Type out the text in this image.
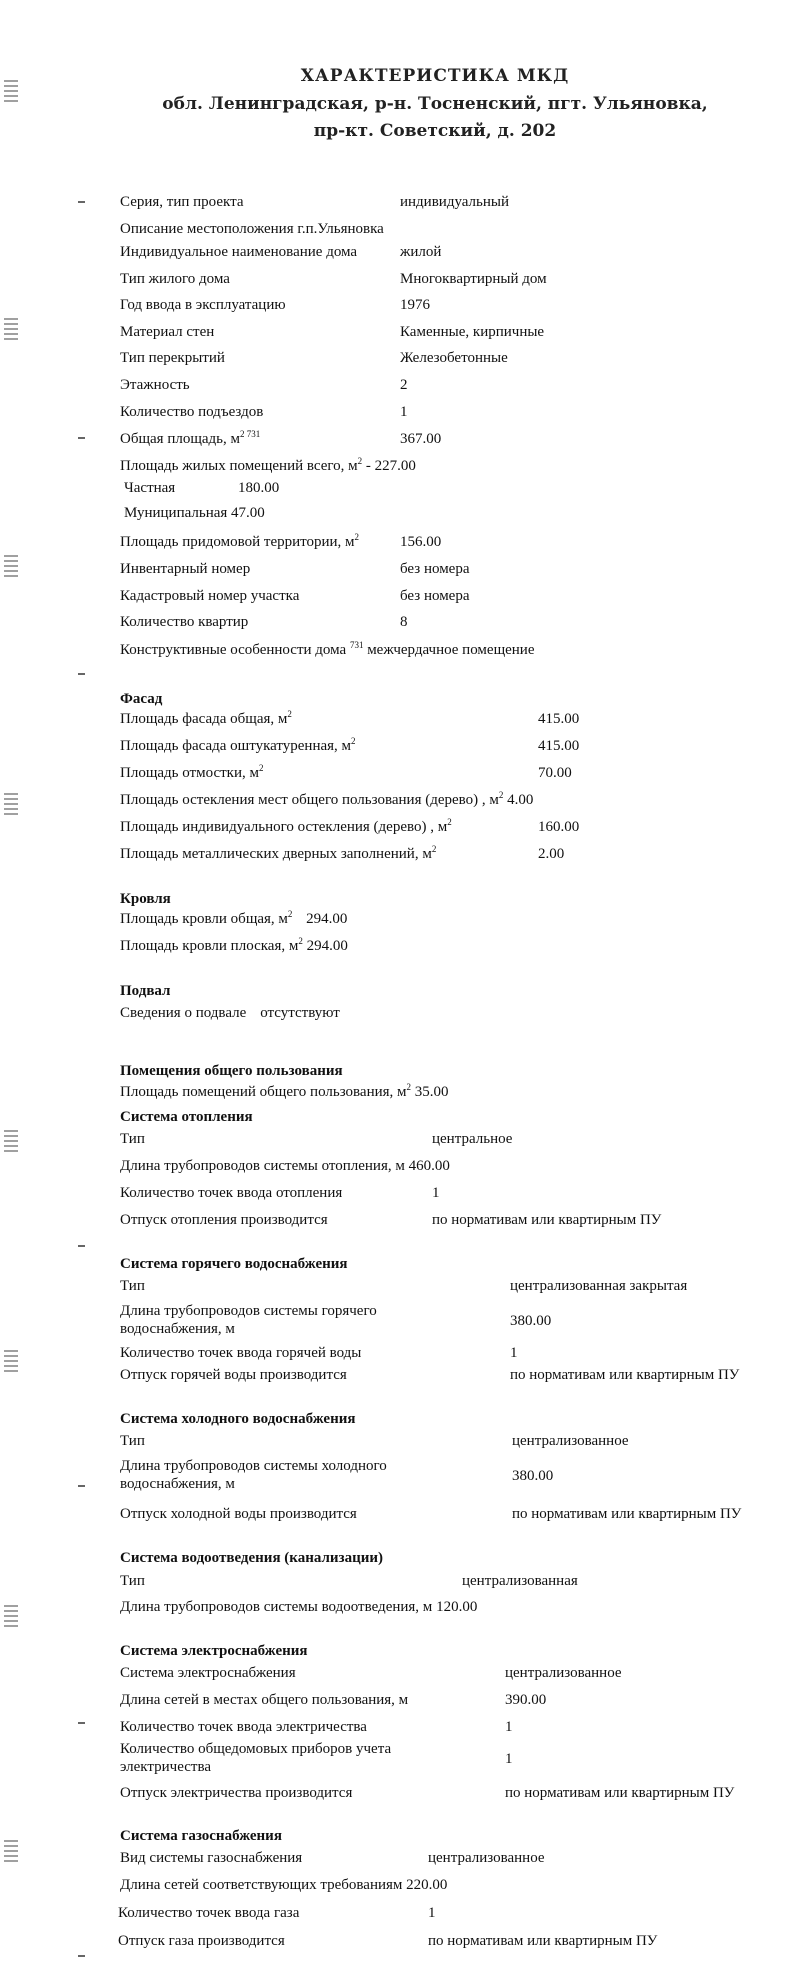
ХАРАКТЕРИСТИКА МКД
обл. Ленинградская, р-н. Тосненский, пгт. Ульяновка,
пр-кт. Советский, д. 202
Серия, тип проекта	индивидуальный
Описание местоположения г.п.Ульяновка
Индивидуальное наименование дома	жилой
Тип жилого дома	Многоквартирный дом
Год ввода в эксплуатацию	1976
Материал стен	Каменные, кирпичные
Тип перекрытий	Железобетонные
Этажность	2
Количество подъездов	1
Общая площадь, $м^{2 731}$	367.00
Площадь жилых помещений всего, $м^2 - 227.00$
Частная	180.00
Муниципальная 47.00
Площадь придомовой территории, $м^2$	156.00
Инвентарный номер	без номера
Кадастровый номер участка	без номера
Количество квартир	8
Конструктивные особенности дома $^{731}$ межчердачное помещение
Фасад
Площадь фасада общая, $м^2$	415.00
Площадь фасада оштукатуренная, $м^2$	415.00
Площадь отмостки, $м^2$	70.00
Площадь остекления мест общего пользования (дерево) , $м^2$ 4.00
Площадь индивидуального остекления (дерево) , $м^2$	160.00
Площадь металлических дверных заполнений, $м^2$	2.00
Кровля
Площадь кровли общая, $м^2$ 294.00
Площадь кровли плоская, $м^2$ 294.00
Подвал
Сведения о подвале отсутствуют
Помещения общего пользования
Площадь помещений общего пользования, $м^2$ 35.00
Система отопления
Тип	центральное
Длина трубопроводов системы отопления, м 460.00
Количество точек ввода отопления	1
Отпуск отопления производится	по нормативам или квартирным ПУ
Система горячего водоснабжения
Тип	централизованная закрытая
Длина трубопроводов системы горячего
водоснабжения, м	380.00
Количество точек ввода горячей воды	1
Отпуск горячей воды производится	по нормативам или квартирным ПУ
Система холодного водоснабжения
Тип	централизованное
Длина трубопроводов системы холодного
водоснабжения, м	380.00
Отпуск холодной воды производится	по нормативам или квартирным ПУ
Система водоотведения (канализации)
Тип	централизованная
Длина трубопроводов системы водоотведения, м 120.00
Система электроснабжения
Система электроснабжения	централизованное
Длина сетей в местах общего пользования, м	390.00
Количество точек ввода электричества	1
Количество общедомовых приборов учета
электричества	1
Отпуск электричества производится	по нормативам или квартирным ПУ
Система газоснабжения
Вид системы газоснабжения	централизованное
Длина сетей соответствующих требованиям 220.00
Количество точек ввода газа	1
Отпуск газа производится	по нормативам или квартирным ПУ
